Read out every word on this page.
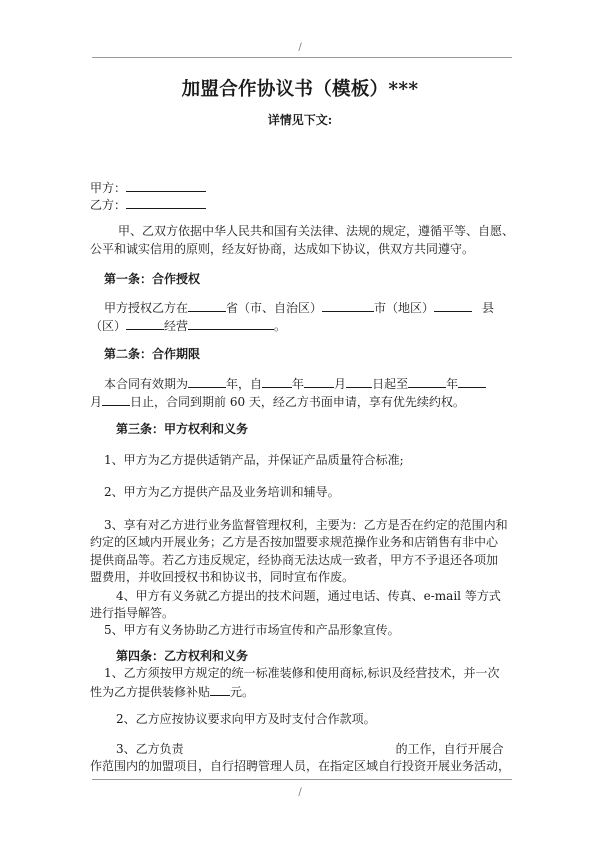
/
加盟合作协议书（模板）***
详情见下文:
甲方：
乙方：
甲、乙双方依据中华人民共和国有关法律、法规的规定，遵循平等、自愿、
公平和诚实信用的原则，经友好协商，达成如下协议，供双方共同遵守。
第一条：合作授权
甲方授权乙方在	省（市、自治区）	市（地区）	县
（区）	经营	。
第二条：合作期限
本合同有效期为	年，自	年	月 日起至	年
月 日止，合同到期前 60 天，经乙方书面申请，享有优先续约权。
第三条：甲方权利和义务
1、甲方为乙方提供适销产品，并保证产品质量符合标准;
2、甲方为乙方提供产品及业务培训和辅导。
3、享有对乙方进行业务监督管理权利，主要为：乙方是否在约定的范围内和
约定的区域内开展业务；乙方是否按加盟要求规范操作业务和店销售有非中心
提供商品等。若乙方违反规定，经协商无法达成一致者，甲方不予退还各项加
盟费用，并收回授权书和协议书，同时宣布作废。
4、甲方有义务就乙方提出的技术问题，通过电话、传真、e-mail 等方式
进行指导解答。
5、甲方有义务协助乙方进行市场宣传和产品形象宣传。
第四条：乙方权利和义务
1、乙方须按甲方规定的统一标准装修和使用商标,标识及经营技术，并一次
性为乙方提供装修补贴 元。
2、乙方应按协议要求向甲方及时支付合作款项。
3、乙方负责	的工作，自行开展合
作范围内的加盟项目，自行招聘管理人员，在指定区域自行投资开展业务活动，
/
